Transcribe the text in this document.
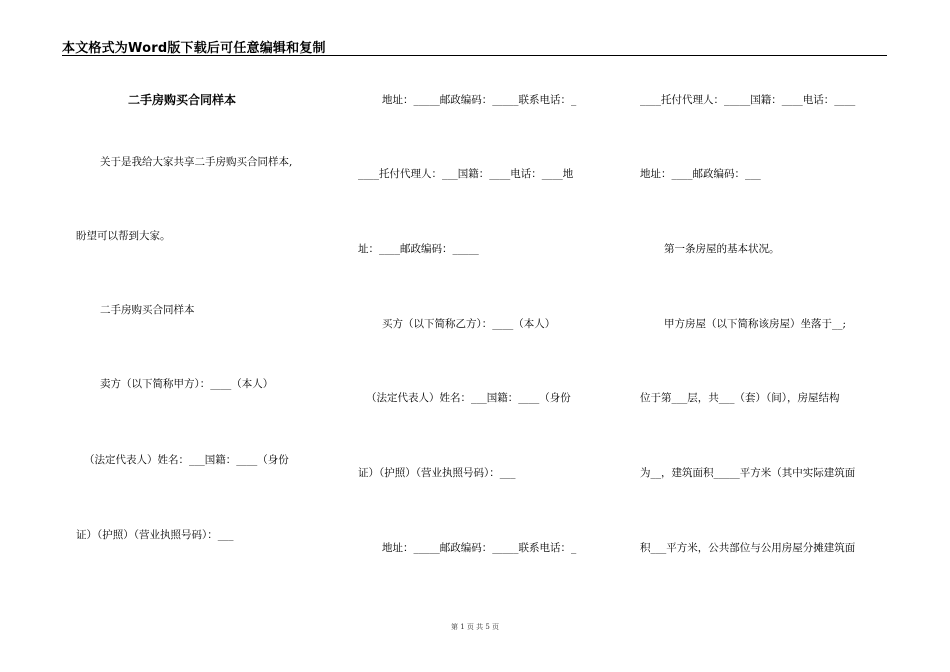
本文格式为Word版下载后可任意编辑和复制
二手房购买合同样本
关于是我给大家共享二手房购买合同样本,
盼望可以帮到大家。
二手房购买合同样本
卖方（以下简称甲方）：____（本人）
（法定代表人）姓名：___国籍：____（身份
证）（护照）（营业执照号码）：___
地址：_____邮政编码：_____联系电话：_
____托付代理人：___国籍：____电话：____地
址：____邮政编码：_____
买方（以下简称乙方）：____（本人）
（法定代表人）姓名：___国籍：____（身份
证）（护照）（营业执照号码）：___
地址：_____邮政编码：_____联系电话：_
____托付代理人：_____国籍：____电话：____
地址：____邮政编码：___
第一条房屋的基本状况。
甲方房屋（以下简称该房屋）坐落于__;
位于第___层，共___（套）（间），房屋结构
为__，建筑面积_____平方米（其中实际建筑面
积___平方米，公共部位与公用房屋分摊建筑面
第 1 页 共 5 页
